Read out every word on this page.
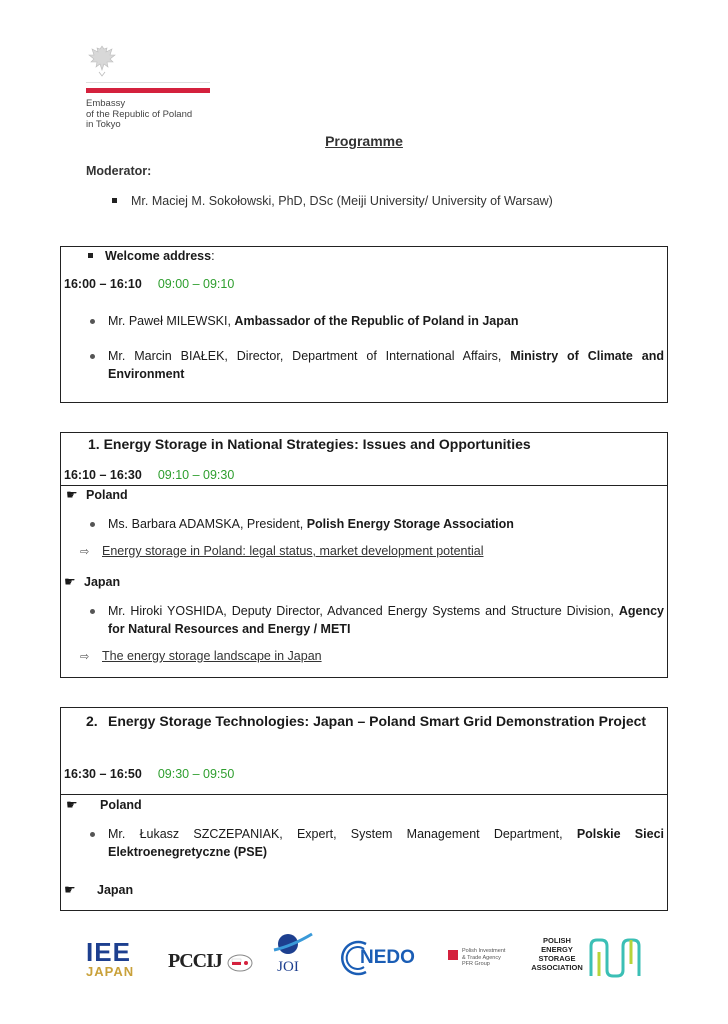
Embassy
of the Republic of Poland
in Tokyo
Programme
Moderator:
Mr. Maciej M. Sokołowski, PhD, DSc (Meiji University/ University of Warsaw)
Welcome address:
16:00 – 16:10 09:00 – 09:10
Mr. Paweł MILEWSKI, Ambassador of the Republic of Poland in Japan
Mr. Marcin BIAŁEK, Director, Department of International Affairs, Ministry of Climate and Environment
1. Energy Storage in National Strategies: Issues and Opportunities
16:10 – 16:30 09:10 – 09:30
☛ Poland
Ms. Barbara ADAMSKA, President, Polish Energy Storage Association
⇨ Energy storage in Poland: legal status, market development potential
☛ Japan
Mr. Hiroki YOSHIDA, Deputy Director, Advanced Energy Systems and Structure Division, Agency for Natural Resources and Energy / METI
⇨ The energy storage landscape in Japan
2. Energy Storage Technologies: Japan – Poland Smart Grid Demonstration Project
16:30 – 16:50 09:30 – 09:50
☛ Poland
Mr. Łukasz SZCZEPANIAK, Expert, System Management Department, Polskie Sieci Elektroenegretyczne (PSE)
☛ Japan
IEE
JAPAN	PCCIJ	JOI	NEDO	Polish Investment
& Trade Agency
PFR Group
POLISH
ENERGY
STORAGE
ASSOCIATION
